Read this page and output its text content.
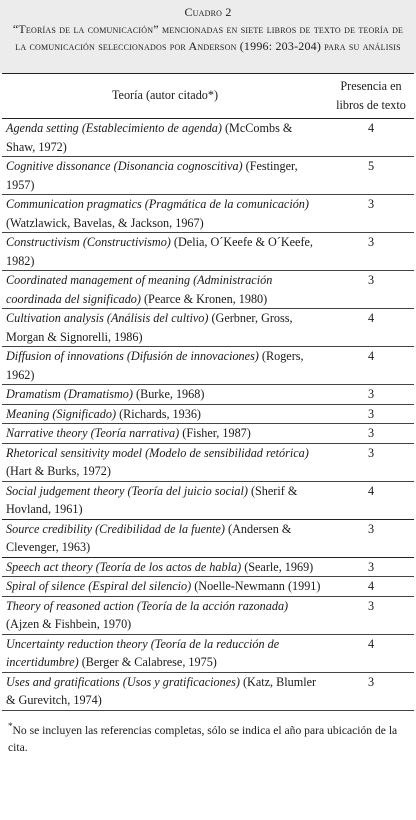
Cuadro 2
“Teorías de la comunicación” mencionadas en siete libros de texto de teoría de la comunicación seleccionados por Anderson (1996: 203-204) para su análisis
Teoría (autor citado*)	Presencia en libros de texto
Agenda setting (Establecimiento de agenda) (McCombs & Shaw, 1972)	4
Cognitive dissonance (Disonancia cognoscitiva) (Festinger, 1957)	5
Communication pragmatics (Pragmática de la comunicación) (Watzlawick, Bavelas, & Jackson, 1967)	3
Constructivism (Constructivismo) (Delia, O´Keefe & O´Keefe, 1982)	3
Coordinated management of meaning (Administración coordinada del significado) (Pearce & Kronen, 1980)	3
Cultivation analysis (Análisis del cultivo) (Gerbner, Gross, Morgan & Signorelli, 1986)	4
Diffusion of innovations (Difusión de innovaciones) (Rogers, 1962)	4
Dramatism (Dramatismo) (Burke, 1968)	3
Meaning (Significado) (Richards, 1936)	3
Narrative theory (Teoría narrativa) (Fisher, 1987)	3
Rhetorical sensitivity model (Modelo de sensibilidad retórica) (Hart & Burks, 1972)	3
Social judgement theory (Teoría del juicio social) (Sherif & Hovland, 1961)	4
Source credibility (Credibilidad de la fuente) (Andersen & Clevenger, 1963)	3
Speech act theory (Teoría de los actos de habla) (Searle, 1969)	3
Spiral of silence (Espiral del silencio) (Noelle-Newmann (1991)	4
Theory of reasoned action (Teoría de la acción razonada) (Ajzen & Fishbein, 1970)	3
Uncertainty reduction theory (Teoría de la reducción de incertidumbre) (Berger & Calabrese, 1975)	4
Uses and gratifications (Usos y gratificaciones) (Katz, Blumler & Gurevitch, 1974)	3
*No se incluyen las referencias completas, sólo se indica el año para ubicación de la cita.
